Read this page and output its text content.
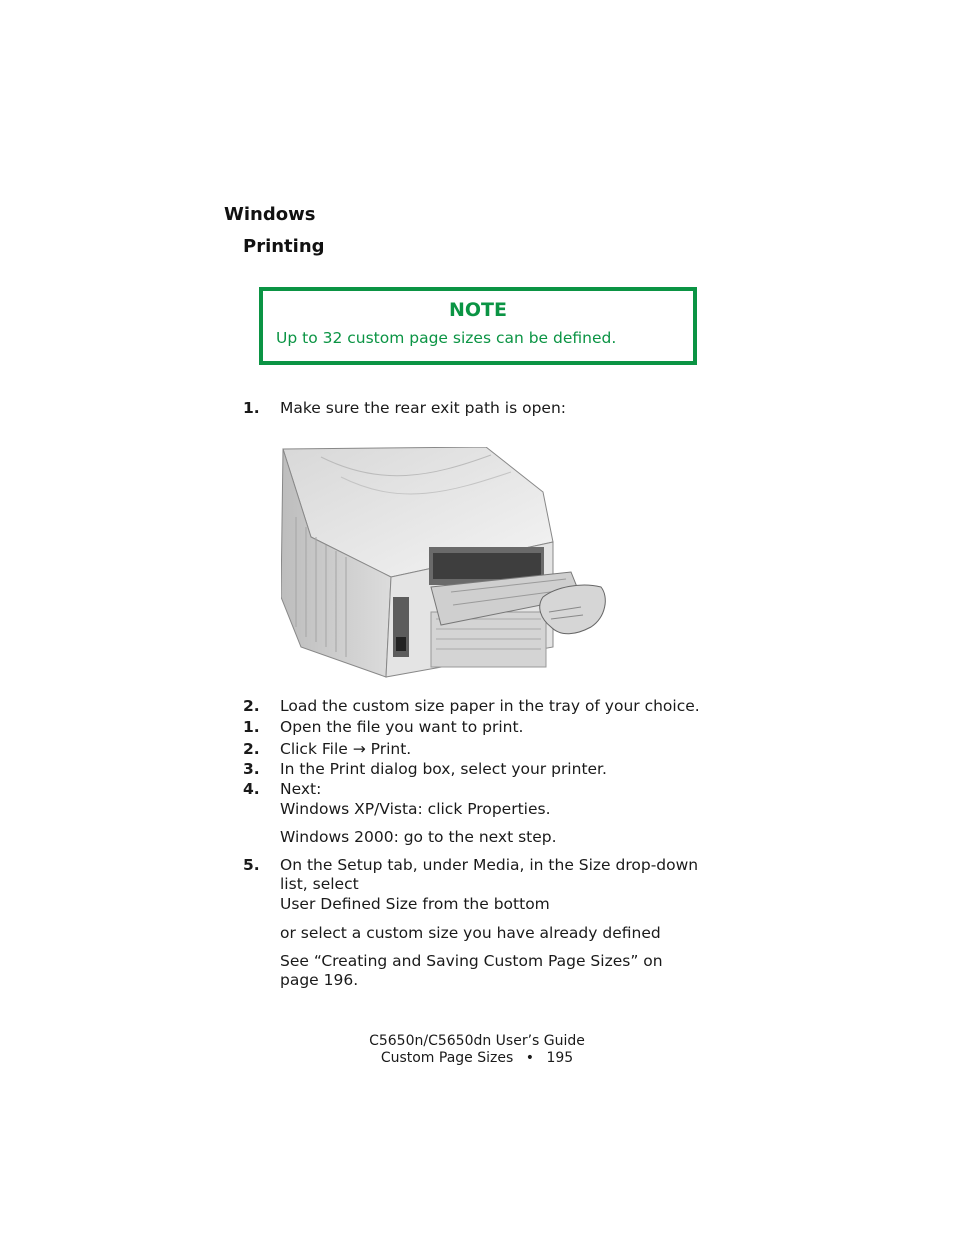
Windows
Printing
NOTE
Up to 32 custom page sizes can be defined.
1. Make sure the rear exit path is open:
2. Load the custom size paper in the tray of your choice.
1. Open the file you want to print.
2. Click File → Print.
3. In the Print dialog box, select your printer.
4. Next:
Windows XP/Vista: click Properties.
Windows 2000: go to the next step.
5. On the Setup tab, under Media, in the Size drop-down list, select
User Defined Size from the bottom
or select a custom size you have already defined
See “Creating and Saving Custom Page Sizes” on page 196.
C5650n/C5650dn User’s Guide
Custom Page Sizes • 195
